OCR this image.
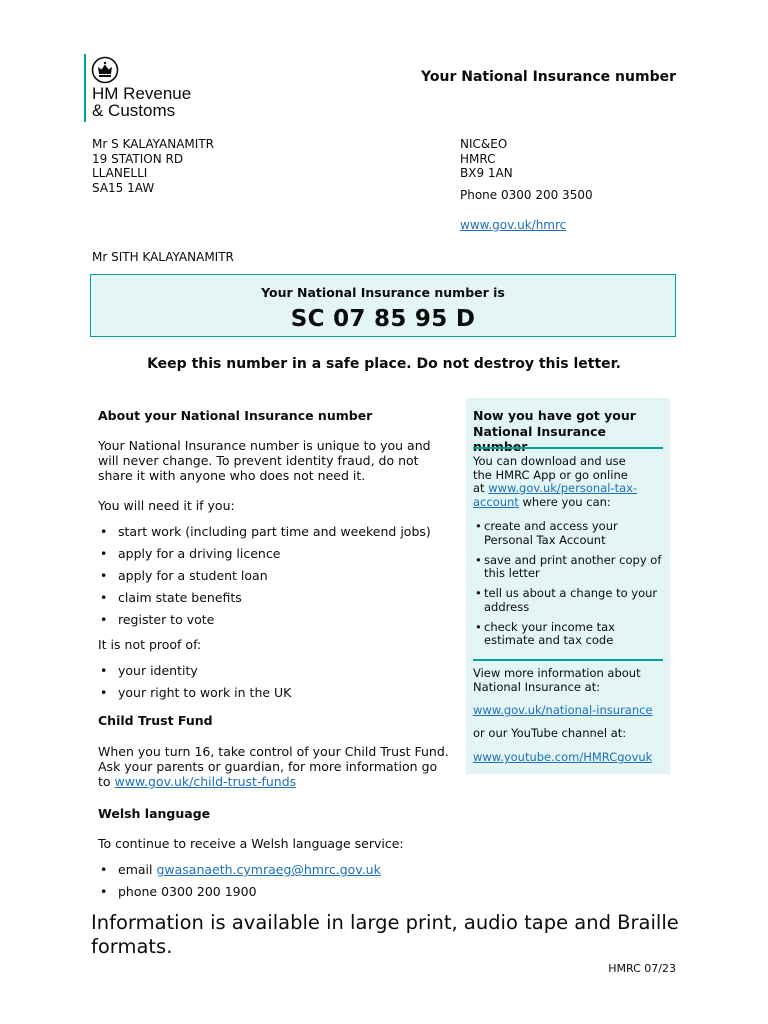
HM Revenue
& Customs
Your National Insurance number
Mr S KALAYANAMITR
19 STATION RD
LLANELLI
SA15 1AW
NIC&EO
HMRC
BX9 1AN
Phone 0300 200 3500
www.gov.uk/hmrc
Mr SITH KALAYANAMITR
Your National Insurance number is
SC 07 85 95 D
Keep this number in a safe place. Do not destroy this letter.
About your National Insurance number
Your National Insurance number is unique to you and
will never change. To prevent identity fraud, do not
share it with anyone who does not need it.
You will need it if you:
• start work (including part time and weekend jobs)
• apply for a driving licence
• apply for a student loan
• claim state benefits
• register to vote
It is not proof of:
• your identity
• your right to work in the UK
Child Trust Fund
When you turn 16, take control of your Child Trust Fund.
Ask your parents or guardian, for more information go
to www.gov.uk/child-trust-funds
Welsh language
To continue to receive a Welsh language service:
• email gwasanaeth.cymraeg@hmrc.gov.uk
• phone 0300 200 1900
Now you have got your
National Insurance
You can download and use
the HMRC App or go online
at www.gov.uk/personal-tax-
account where you can:
• create and access your
Personal Tax Account
• save and print another copy of
this letter
• tell us about a change to your
address
• check your income tax
estimate and tax code
View more information about
National Insurance at:
www.gov.uk/national-insurance
or our YouTube channel at:
www.youtube.com/HMRCgovuk
Information is available in large print, audio tape and Braille
formats.
HMRC 07/23
